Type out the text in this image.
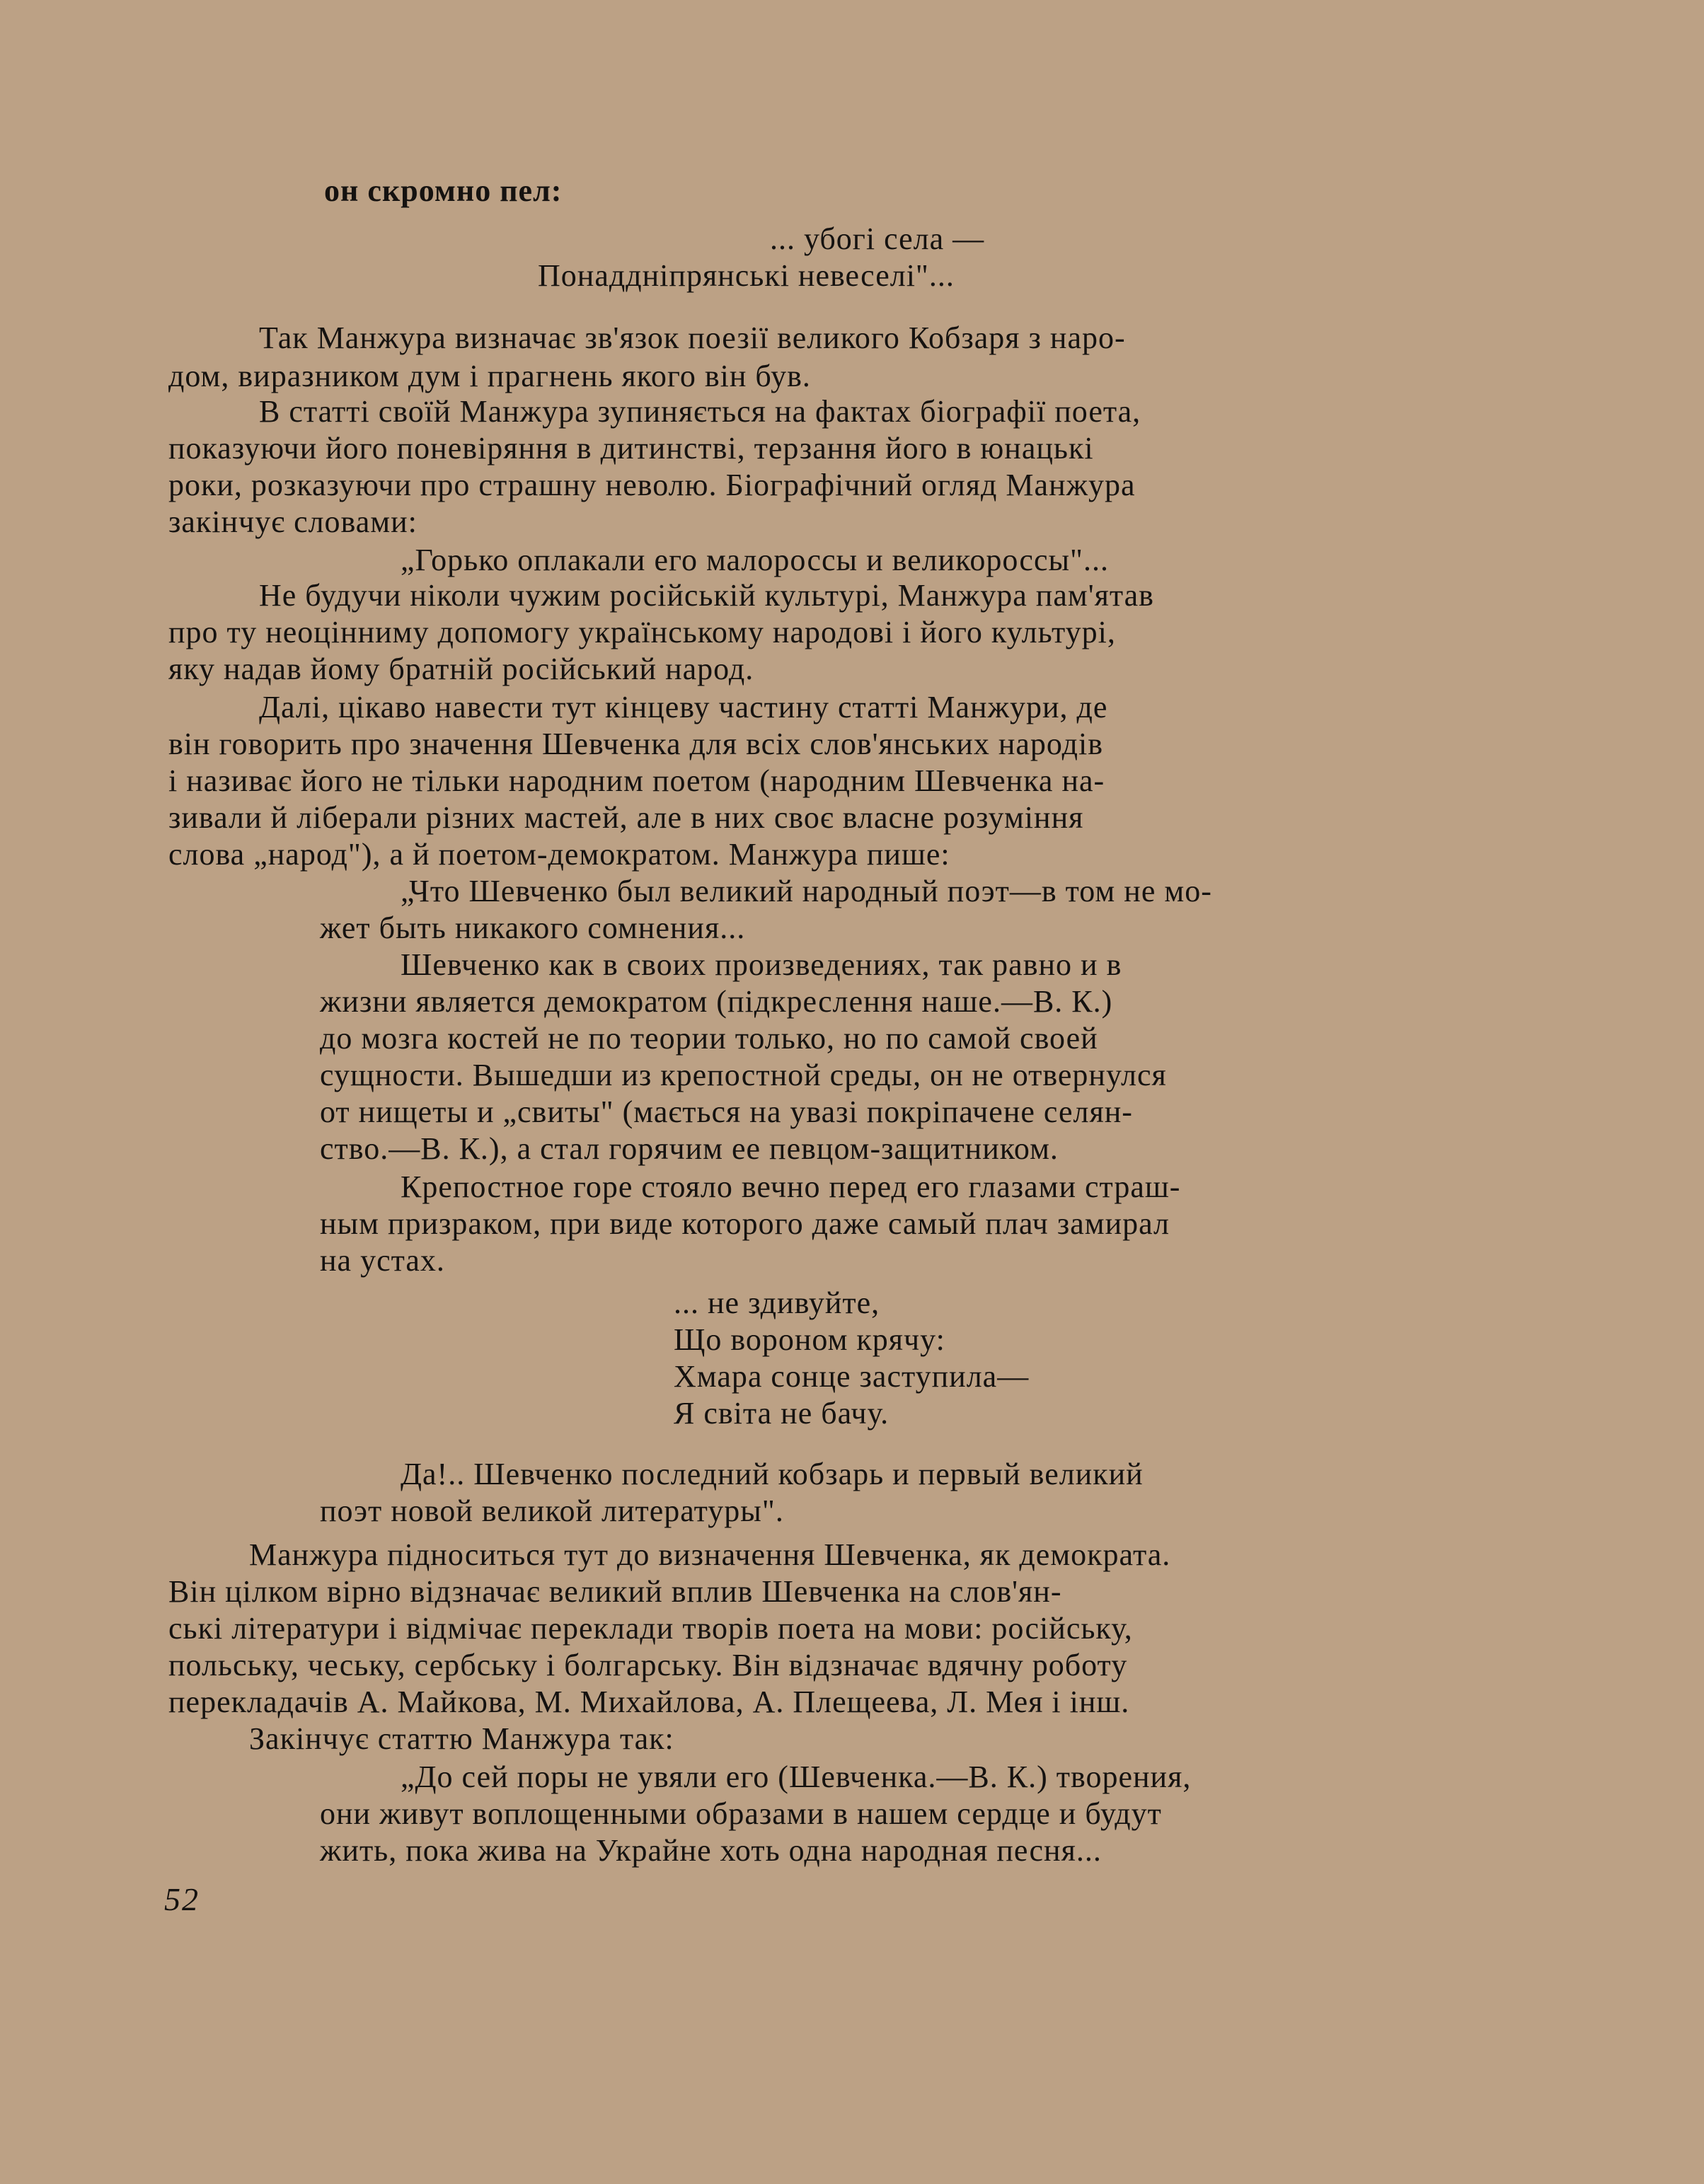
он скромно пел:
... убогі села —
Понаддніпрянські невеселі"...
Так Манжура визначає зв'язок поезії великого Кобзаря з наро-
дом, виразником дум і прагнень якого він був.
В статті своїй Манжура зупиняється на фактах біографії поета,
показуючи його поневіряння в дитинстві, терзання його в юнацькі
роки, розказуючи про страшну неволю. Біографічний огляд Манжура
закінчує словами:
„Горько оплакали его малороссы и великороссы"...
Не будучи ніколи чужим російській культурі, Манжура пам'ятав
про ту неоцінниму допомогу українському народові і його культурі,
яку надав йому братній російський народ.
Далі, цікаво навести тут кінцеву частину статті Манжури, де
він говорить про значення Шевченка для всіх слов'янських народів
і називає його не тільки народним поетом (народним Шевченка на-
зивали й ліберали різних мастей, але в них своє власне розуміння
слова „народ"), а й поетом-демократом. Манжура пише:
„Что Шевченко был великий народный поэт—в том не мо-
жет быть никакого сомнения...
Шевченко как в своих произведениях, так равно и в
жизни является демократом (підкреслення наше.—В. К.)
до мозга костей не по теории только, но по самой своей
сущности. Вышедши из крепостной среды, он не отвернулся
от нищеты и „свиты" (мається на увазі покріпачене селян-
ство.—В. К.), а стал горячим ее певцом-защитником.
Крепостное горе стояло вечно перед его глазами страш-
ным призраком, при виде которого даже самый плач замирал
на устах.
... не здивуйте,
Що вороном крячу:
Хмара сонце заступила—
Я світа не бачу.
Да!.. Шевченко последний кобзарь и первый великий
поэт новой великой литературы".
Манжура підноситься тут до визначення Шевченка, як демократа.
Він цілком вірно відзначає великий вплив Шевченка на слов'ян-
ські літератури і відмічає переклади творів поета на мови: російську,
польську, чеську, сербську і болгарську. Він відзначає вдячну роботу
перекладачів А. Майкова, М. Михайлова, А. Плещеева, Л. Мея і інш.
Закінчує статтю Манжура так:
„До сей поры не увяли его (Шевченка.—В. К.) творения,
они живут воплощенными образами в нашем сердце и будут
жить, пока жива на Украйне хоть одна народная песня...
52
